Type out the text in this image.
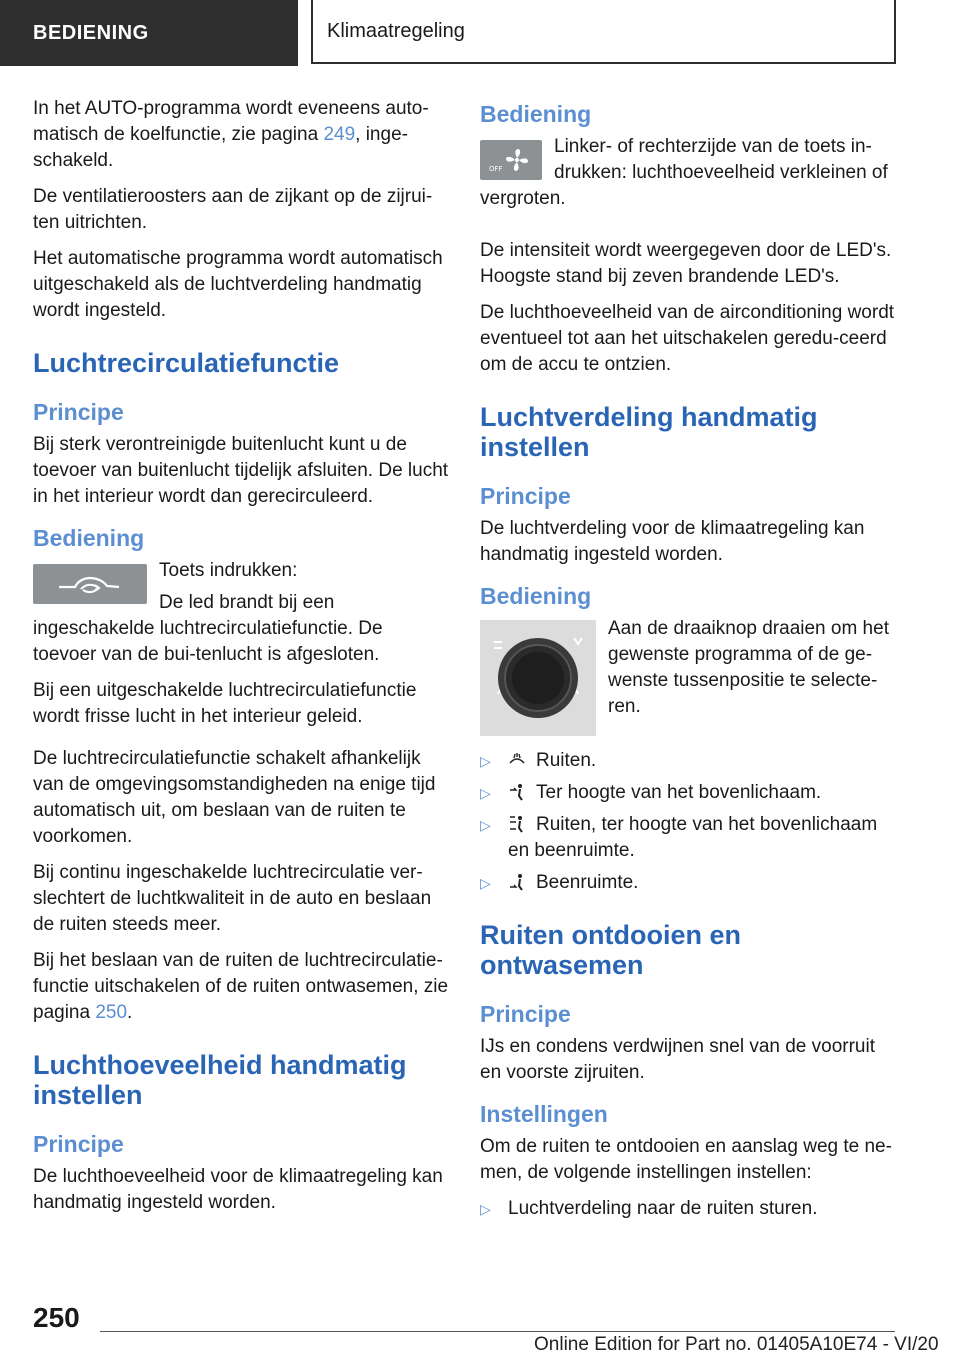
BEDIENING	Klimaatregeling

In het AUTO-programma wordt eveneens auto-matisch de koelfunctie, zie pagina 249, inge-schakeld.

De ventilatieroosters aan de zijkant op de zijrui-ten uitrichten.

Het automatische programma wordt automatisch uitgeschakeld als de luchtverdeling handmatig wordt ingesteld.

Luchtrecirculatiefunctie
Principe

Bij sterk verontreinigde buitenlucht kunt u de toevoer van buitenlucht tijdelijk afsluiten. De lucht in het interieur wordt dan gerecirculeerd.

Bediening

Toets indrukken:

De led brandt bij een ingeschakelde luchtrecirculatiefunctie. De toevoer van de bui-tenlucht is afgesloten.

Bij een uitgeschakelde luchtrecirculatiefunctie wordt frisse lucht in het interieur geleid.

De luchtrecirculatiefunctie schakelt afhankelijk van de omgevingsomstandigheden na enige tijd automatisch uit, om beslaan van de ruiten te voorkomen.

Bij continu ingeschakelde luchtrecirculatie ver-slechtert de luchtkwaliteit in de auto en beslaan de ruiten steeds meer.

Bij het beslaan van de ruiten de luchtrecirculatie-functie uitschakelen of de ruiten ontwasemen, zie pagina 250.

Luchthoeveelheid handmatig instellen
Principe

De luchthoeveelheid voor de klimaatregeling kan handmatig ingesteld worden.

Bediening
OFF

Linker- of rechterzijde van de toets in-drukken: luchthoeveelheid verkleinen of vergroten.

De intensiteit wordt weergegeven door de LED's. Hoogste stand bij zeven brandende LED's.

De luchthoeveelheid van de airconditioning wordt eventueel tot aan het uitschakelen geredu-ceerd om de accu te ontzien.

Luchtverdeling handmatig instellen
Principe

De luchtverdeling voor de klimaatregeling kan handmatig ingesteld worden.

Bediening

Aan de draaiknop draaien om het gewenste programma of de ge-wenste tussenpositie te selecte-ren.

▷ Ruiten.
▷ Ter hoogte van het bovenlichaam.
▷ Ruiten, ter hoogte van het bovenlichaam en beenruimte.
▷ Beenruimte.
Ruiten ontdooien en ontwasemen
Principe

IJs en condens verdwijnen snel van de voorruit en voorste zijruiten.

Instellingen

Om de ruiten te ontdooien en aanslag weg te ne-men, de volgende instellingen instellen:

▷ Luchtverdeling naar de ruiten sturen.
250
Online Edition for Part no. 01405A10E74 - VI/20
